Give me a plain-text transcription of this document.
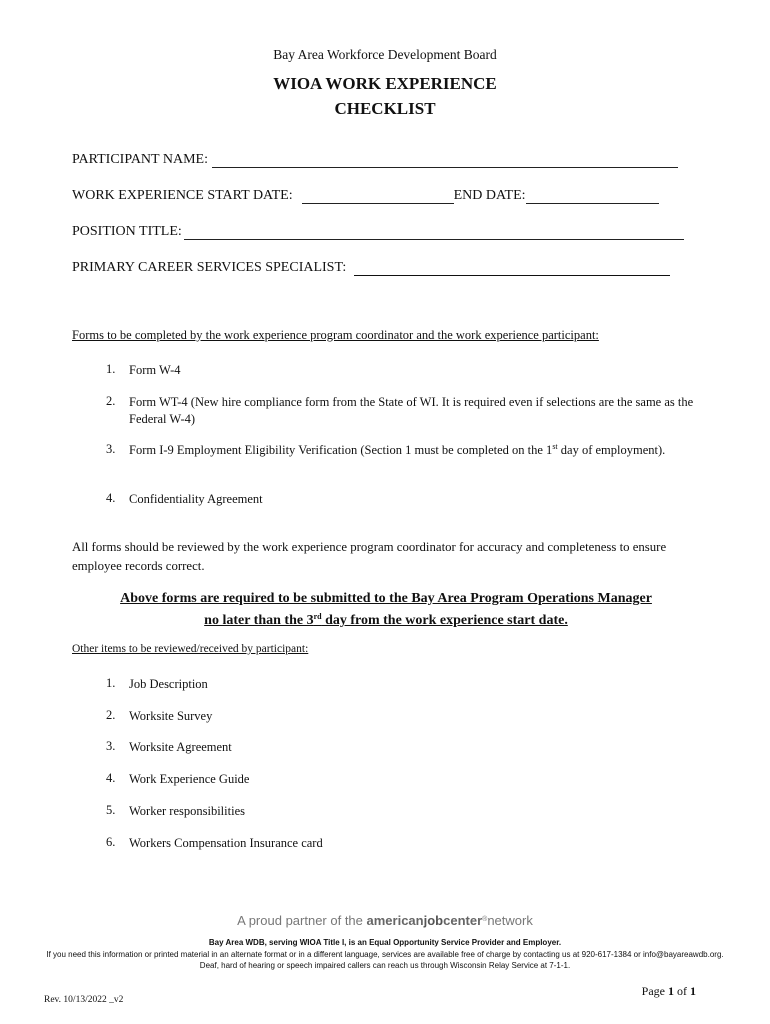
Bay Area Workforce Development Board
WIOA WORK EXPERIENCE
CHECKLIST
PARTICIPANT NAME:
WORK EXPERIENCE START DATE:	END DATE:
POSITION TITLE:
PRIMARY CAREER SERVICES SPECIALIST:
Forms to be completed by the work experience program coordinator and the work experience participant:
1.	Form W-4
2.	Form WT-4 (New hire compliance form from the State of WI. It is required even if selections are the same as the Federal W-4)
3.	Form I-9 Employment Eligibility Verification (Section 1 must be completed on the 1st day of employment).
4.	Confidentiality Agreement
All forms should be reviewed by the work experience program coordinator for accuracy and completeness to ensure employee records correct.
Above forms are required to be submitted to the Bay Area Program Operations Manager
no later than the 3rd day from the work experience start date.
Other items to be reviewed/received by participant:
1.	Job Description
2.	Worksite Survey
3.	Worksite Agreement
4.	Work Experience Guide
5.	Worker responsibilities
6.	Workers Compensation Insurance card
A proud partner of the americanjobcenter®network
Bay Area WDB, serving WIOA Title I, is an Equal Opportunity Service Provider and Employer.
If you need this information or printed material in an alternate format or in a different language, services are available free of charge by contacting us at 920-617-1384 or info@bayareawdb.org. Deaf, hard of hearing or speech impaired callers can reach us through Wisconsin Relay Service at 7-1-1.
Page 1 of 1
Rev. 10/13/2022 _v2
